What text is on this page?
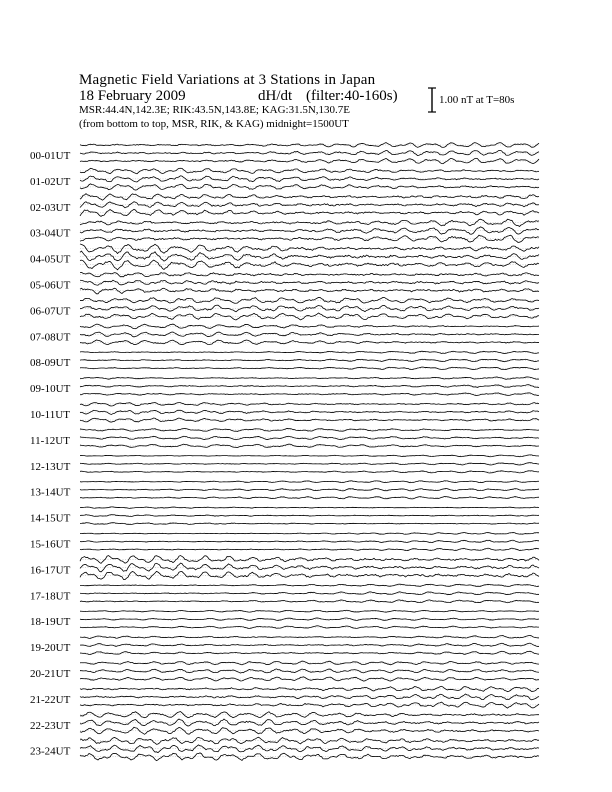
Magnetic Field Variations at 3 Stations in Japan
18 February 2009	dH/dt (filter:40-160s)
MSR:44.4N,142.3E; RIK:43.5N,143.8E; KAG:31.5N,130.7E
(from bottom to top, MSR, RIK, & KAG) midnight=1500UT
1.00 nT at T=80s
00-01UT
01-02UT
02-03UT
03-04UT
04-05UT
05-06UT
06-07UT
07-08UT
08-09UT
09-10UT
10-11UT
11-12UT
12-13UT
13-14UT
14-15UT
15-16UT
16-17UT
17-18UT
18-19UT
19-20UT
20-21UT
21-22UT
22-23UT
23-24UT
